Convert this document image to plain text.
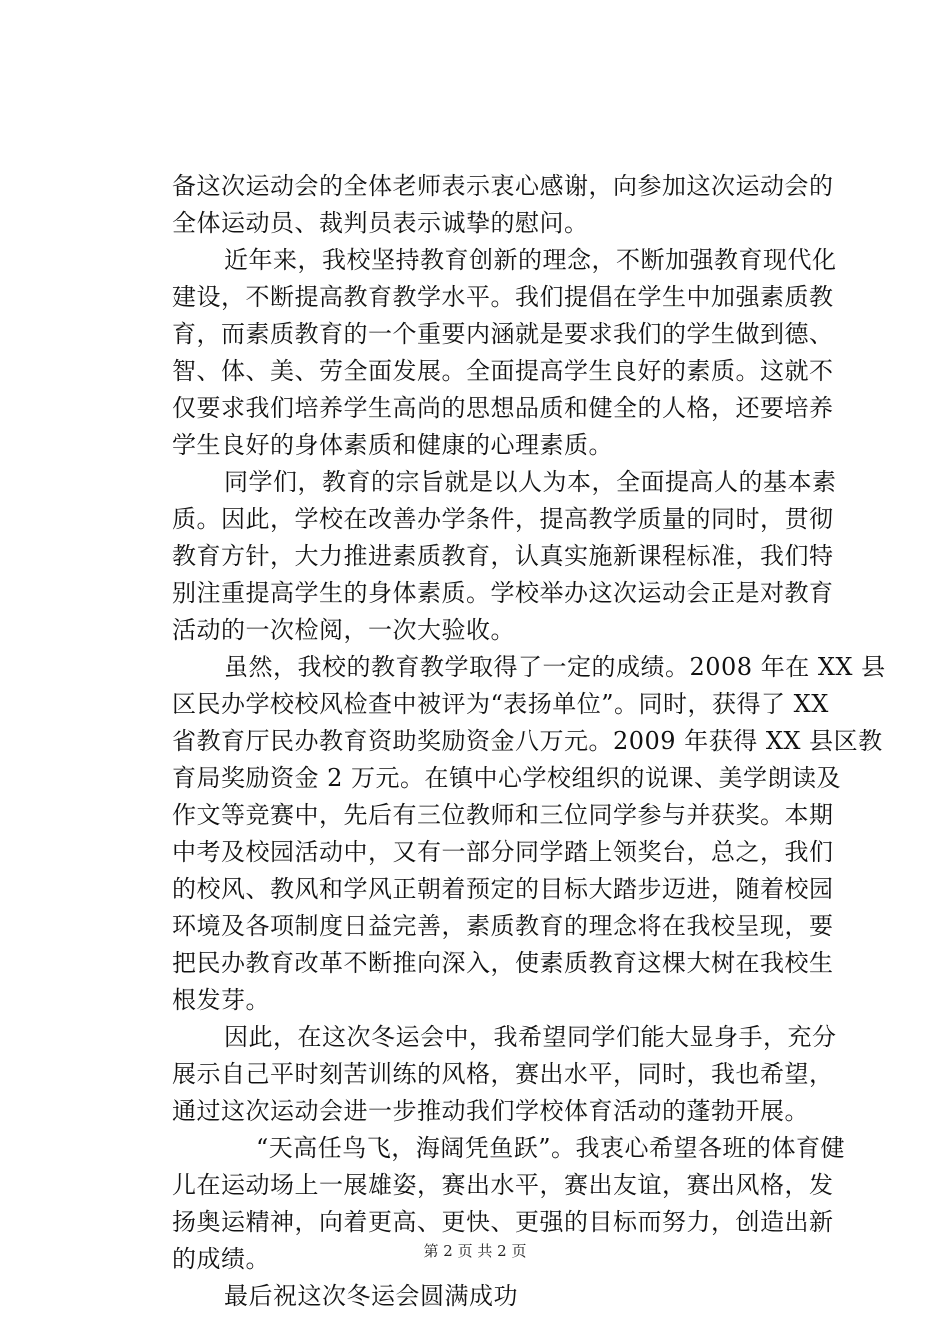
备这次运动会的全体老师表示衷心感谢，向参加这次运动会的
全体运动员、裁判员表示诚挚的慰问。
近年来，我校坚持教育创新的理念，不断加强教育现代化
建设，不断提高教育教学水平。我们提倡在学生中加强素质教
育，而素质教育的一个重要内涵就是要求我们的学生做到德、
智、体、美、劳全面发展。全面提高学生良好的素质。这就不
仅要求我们培养学生高尚的思想品质和健全的人格，还要培养
学生良好的身体素质和健康的心理素质。
同学们，教育的宗旨就是以人为本，全面提高人的基本素
质。因此，学校在改善办学条件，提高教学质量的同时，贯彻
教育方针，大力推进素质教育，认真实施新课程标准，我们特
别注重提高学生的身体素质。学校举办这次运动会正是对教育
活动的一次检阅，一次大验收。
虽然，我校的教育教学取得了一定的成绩。2008 年在 XX 县
区民办学校校风检查中被评为“表扬单位”。同时，获得了 XX
省教育厅民办教育资助奖励资金八万元。2009 年获得 XX 县区教
育局奖励资金 2 万元。在镇中心学校组织的说课、美学朗读及
作文等竞赛中，先后有三位教师和三位同学参与并获奖。本期
中考及校园活动中，又有一部分同学踏上领奖台，总之，我们
的校风、教风和学风正朝着预定的目标大踏步迈进，随着校园
环境及各项制度日益完善，素质教育的理念将在我校呈现，要
把民办教育改革不断推向深入，使素质教育这棵大树在我校生
根发芽。
因此，在这次冬运会中，我希望同学们能大显身手，充分
展示自己平时刻苦训练的风格，赛出水平，同时，我也希望，
通过这次运动会进一步推动我们学校体育活动的蓬勃开展。
“天高任鸟飞，海阔凭鱼跃”。我衷心希望各班的体育健
儿在运动场上一展雄姿，赛出水平，赛出友谊，赛出风格，发
扬奥运精神，向着更高、更快、更强的目标而努力，创造出新
的成绩。
最后祝这次冬运会圆满成功
第 2 页 共 2 页
